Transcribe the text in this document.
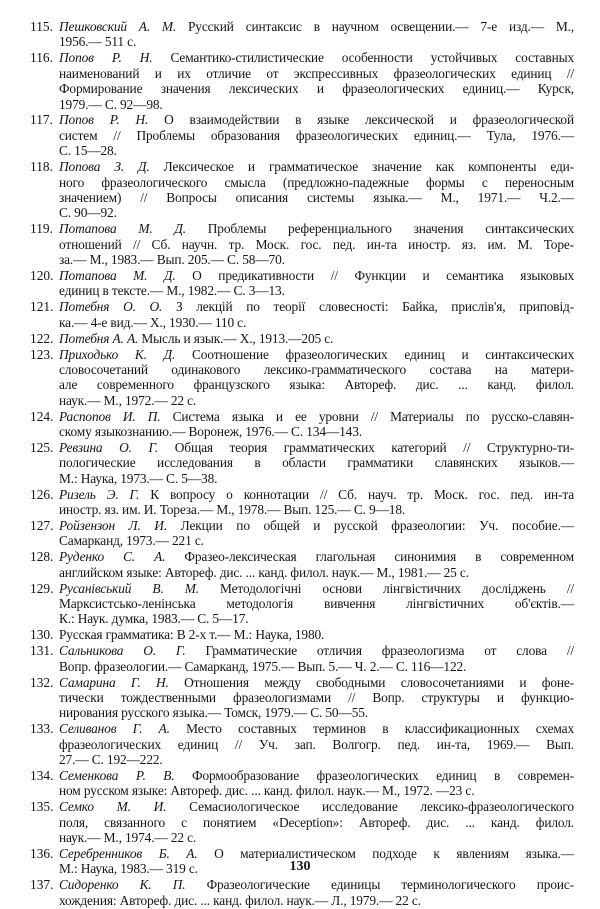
115. Пешковский А. М. Русский синтаксис в научном освещении.— 7-е изд.— М.,
1956.— 511 с.
116. Попов Р. Н. Семантико-стилистические особенности устойчивых составных
наименований и их отличие от экспрессивных фразеологических единиц //
Формирование значения лексических и фразеологических единиц.— Курск,
1979.— С. 92—98.
117. Попов Р. Н. О взаимодействии в языке лексической и фразеологической
систем // Проблемы образования фразеологических единиц.— Тула, 1976.—
С. 15—28.
118. Попова З. Д. Лексическое и грамматическое значение как компоненты еди-
ного фразеологического смысла (предложно-падежные формы с переносным
значением) // Вопросы описания системы языка.— М., 1971.— Ч.2.—
С. 90—92.
119. Потапова М. Д. Проблемы референциального значения синтаксических
отношений // Сб. научн. тр. Моск. гос. пед. ин-та иностр. яз. им. М. Торе-
за.— М., 1983.— Вып. 205.— С. 58—70.
120. Потапова М. Д. О предикативности // Функции и семантика языковых
единиц в тексте.— М., 1982.— С. 3—13.
121. Потебня О. О. З лекцій по теорії словесності: Байка, прислів'я, приповід-
ка.— 4-е вид.— Х., 1930.— 110 с.
122. Потебня А. А. Мысль и язык.— Х., 1913.—205 с.
123. Приходько К. Д. Соотношение фразеологических единиц и синтаксических
словосочетаний одинакового лексико-грамматического состава на матери-
але современного французского языка: Автореф. дис. ... канд. филол.
наук.— М., 1972.— 22 с.
124. Распопов И. П. Система языка и ее уровни // Материалы по русско-славян-
скому языкознанию.— Воронеж, 1976.— С. 134—143.
125. Ревзина О. Г. Общая теория грамматических категорий // Структурно-ти-
пологические исследования в области грамматики славянских языков.—
М.: Наука, 1973.— С. 5—38.
126. Ризель Э. Г. К вопросу о коннотации // Сб. науч. тр. Моск. гос. пед. ин-та
иностр. яз. им. И. Тореза.— М., 1978.— Вып. 125.— С. 9—18.
127. Ройзензон Л. И. Лекции по общей и русской фразеологии: Уч. пособие.—
Самарканд, 1973.— 221 с.
128. Руденко С. А. Фразео-лексическая глагольная синонимия в современном
английском языке: Автореф. дис. ... канд. филол. наук.— М., 1981.— 25 с.
129. Русанівський В. М. Методологічні основи лінгвістичних досліджень //
Марксистсько-ленінська методологія вивчення лінгвістичних об'єктів.—
К.: Наук. думка, 1983.— С. 5—17.
130. Русская грамматика: В 2-х т.— М.: Наука, 1980.
131. Сальникова О. Г. Грамматические отличия фразеологизма от слова //
Вопр. фразеологии.— Самарканд, 1975.— Вып. 5.— Ч. 2.— С. 116—122.
132. Самарина Г. Н. Отношения между свободными словосочетаниями и фоне-
тически тождественными фразеологизмами // Вопр. структуры и функцио-
нирования русского языка.— Томск, 1979.— С. 50—55.
133. Селиванов Г. А. Место составных терминов в классификационных схемах
фразеологических единиц // Уч. зап. Волгогр. пед. ин-та, 1969.— Вып.
27.— С. 192—222.
134. Семенкова Р. В. Формообразование фразеологических единиц в современ-
ном русском языке: Автореф. дис. ... канд. филол. наук.— М., 1972. —23 с.
135. Семко М. И. Семасиологическое исследование лексико-фразеологического
поля, связанного с понятием «Deception»: Автореф. дис. ... канд. филол.
наук.— М., 1974.— 22 с.
136. Серебренников Б. А. О материалистическом подходе к явлениям языка.—
М.: Наука, 1983.— 319 с.
137. Сидоренко К. П. Фразеологические единицы терминологического проис-
хождения: Автореф. дис. ... канд. филол. наук.— Л., 1979.— 22 с.
130
